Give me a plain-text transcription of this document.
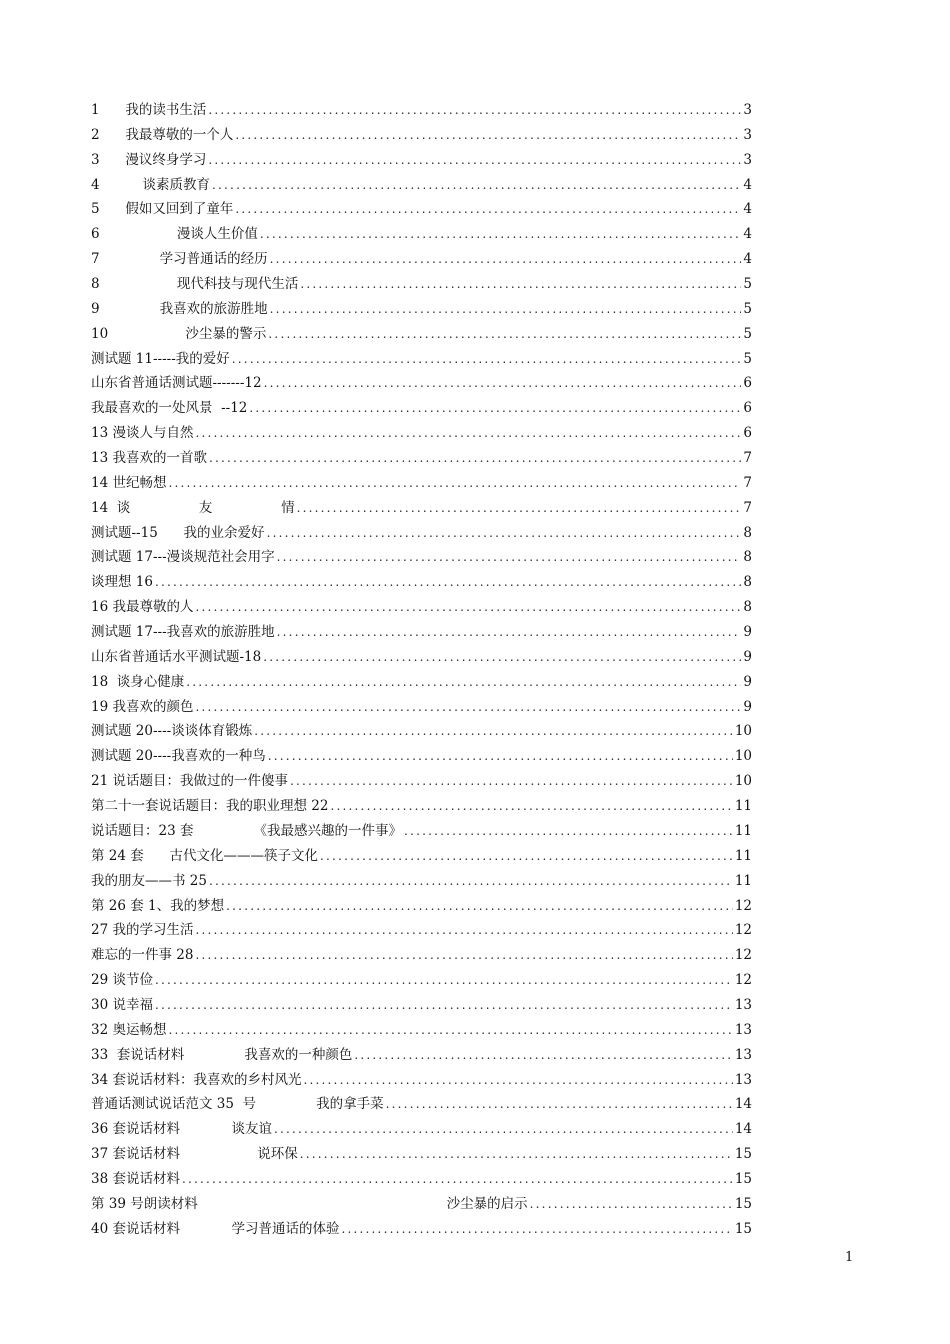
1      我的读书生活 .....	3
2      我最尊敬的一个人 .....	3
3      漫议终身学习 .....	3
4          谈素质教育 .....	4
5      假如又回到了童年 .....	4
6                  漫谈人生价值 .....	4
7              学习普通话的经历 .....	4
8                  现代科技与现代生活 .....	5
9              我喜欢的旅游胜地 .....	5
10                  沙尘暴的警示 .....	5
测试题 11-----我的爱好 .....	5
山东省普通话测试题-------12 .....	6
我最喜欢的一处风景  --12 .....	6
13 漫谈人与自然 .....	6
13 我喜欢的一首歌 .....	7
14 世纪畅想 .....	7
14  谈                友                情 .....	7
测试题--15      我的业余爱好 .....	8
测试题 17---漫谈规范社会用字 .....	8
谈理想 16 .....	8
16 我最尊敬的人 .....	8
测试题 17---我喜欢的旅游胜地 .....	9
山东省普通话水平测试题-18 .....	9
18  谈身心健康 .....	9
19 我喜欢的颜色 .....	9
测试题 20----谈谈体育锻炼 .....	10
测试题 20----我喜欢的一种鸟 .....	10
21 说话题目：我做过的一件傻事 .....	10
第二十一套说话题目：我的职业理想 22 .....	11
说话题目：23 套              《我最感兴趣的一件事》 .....	11
第 24 套      古代文化———筷子文化 .....	11
我的朋友——书 25 .....	11
第 26 套 1、我的梦想 .....	12
27 我的学习生活 .....	12
难忘的一件事 28 .....	12
29 谈节俭 .....	12
30 说幸福 .....	13
32 奥运畅想 .....	13
33  套说话材料              我喜欢的一种颜色 .....	13
34 套说话材料：我喜欢的乡村风光 .....	13
普通话测试说话范文 35  号              我的拿手菜 .....	14
36 套说话材料            谈友谊 .....	14
37 套说话材料                  说环保 .....	15
38 套说话材料 .....	15
第 39 号朗读材料                                                          沙尘暴的启示 .....	15
40 套说话材料            学习普通话的体验 .....	15
1
